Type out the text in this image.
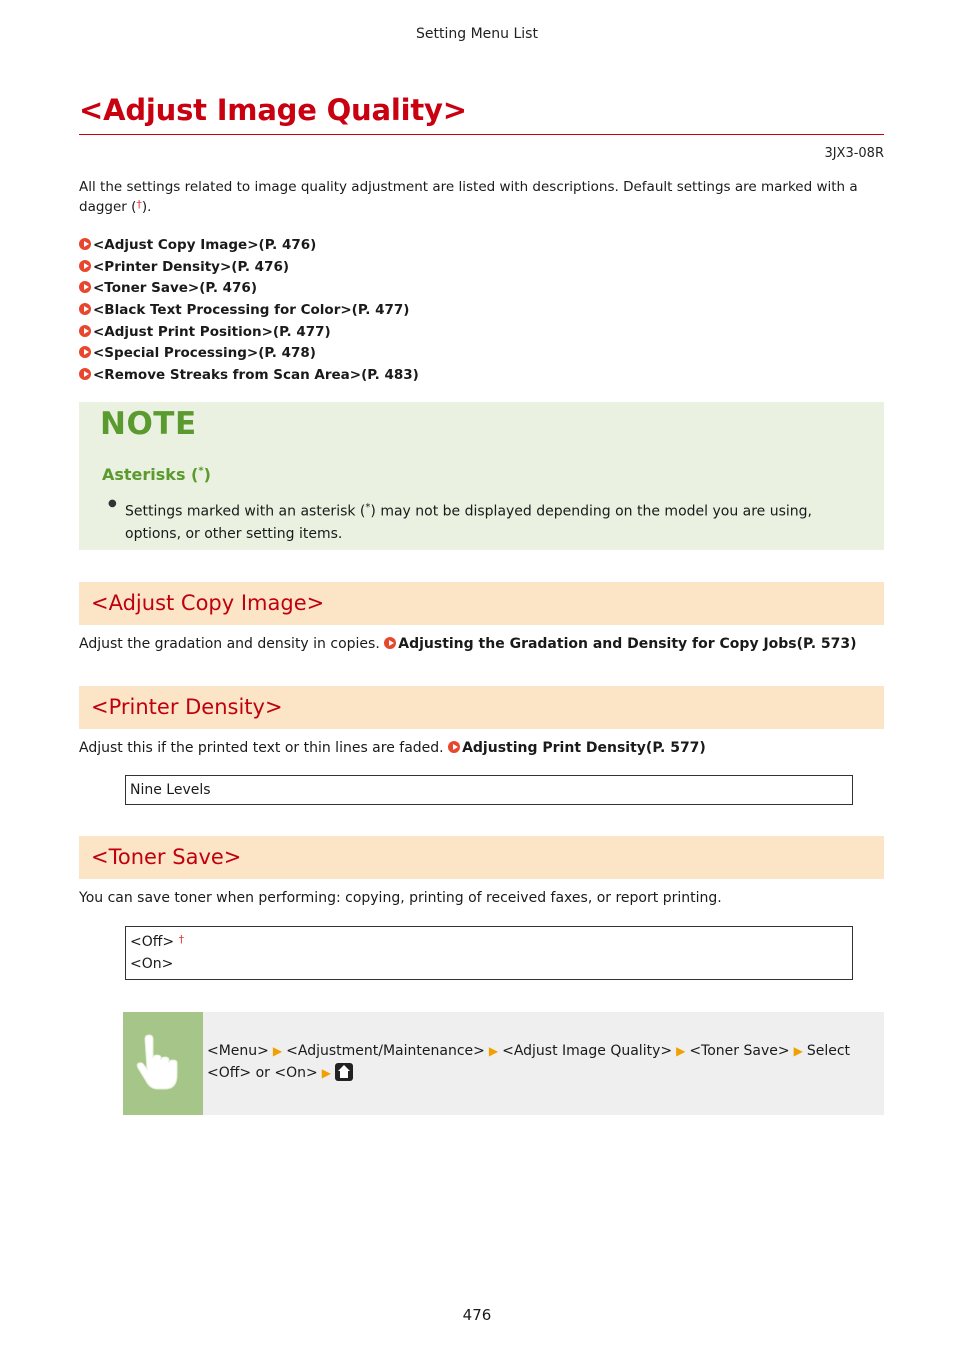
Setting Menu List
<Adjust Image Quality>
3JX3-08R
All the settings related to image quality adjustment are listed with descriptions. Default settings are marked with a dagger (†).
<Adjust Copy Image>(P. 476)
<Printer Density>(P. 476)
<Toner Save>(P. 476)
<Black Text Processing for Color>(P. 477)
<Adjust Print Position>(P. 477)
<Special Processing>(P. 478)
<Remove Streaks from Scan Area>(P. 483)
NOTE
Asterisks (*)
●
Settings marked with an asterisk (*) may not be displayed depending on the model you are using, options, or other setting items.
<Adjust Copy Image>
Adjust the gradation and density in copies. Adjusting the Gradation and Density for Copy Jobs(P. 573)
<Printer Density>
Adjust this if the printed text or thin lines are faded. Adjusting Print Density(P. 577)
Nine Levels
<Toner Save>
You can save toner when performing: copying, printing of received faxes, or report printing.
<Off> †
<On>
<Menu> ▶ <Adjustment/Maintenance> ▶ <Adjust Image Quality> ▶ <Toner Save> ▶ Select <Off> or <On> ▶
476
